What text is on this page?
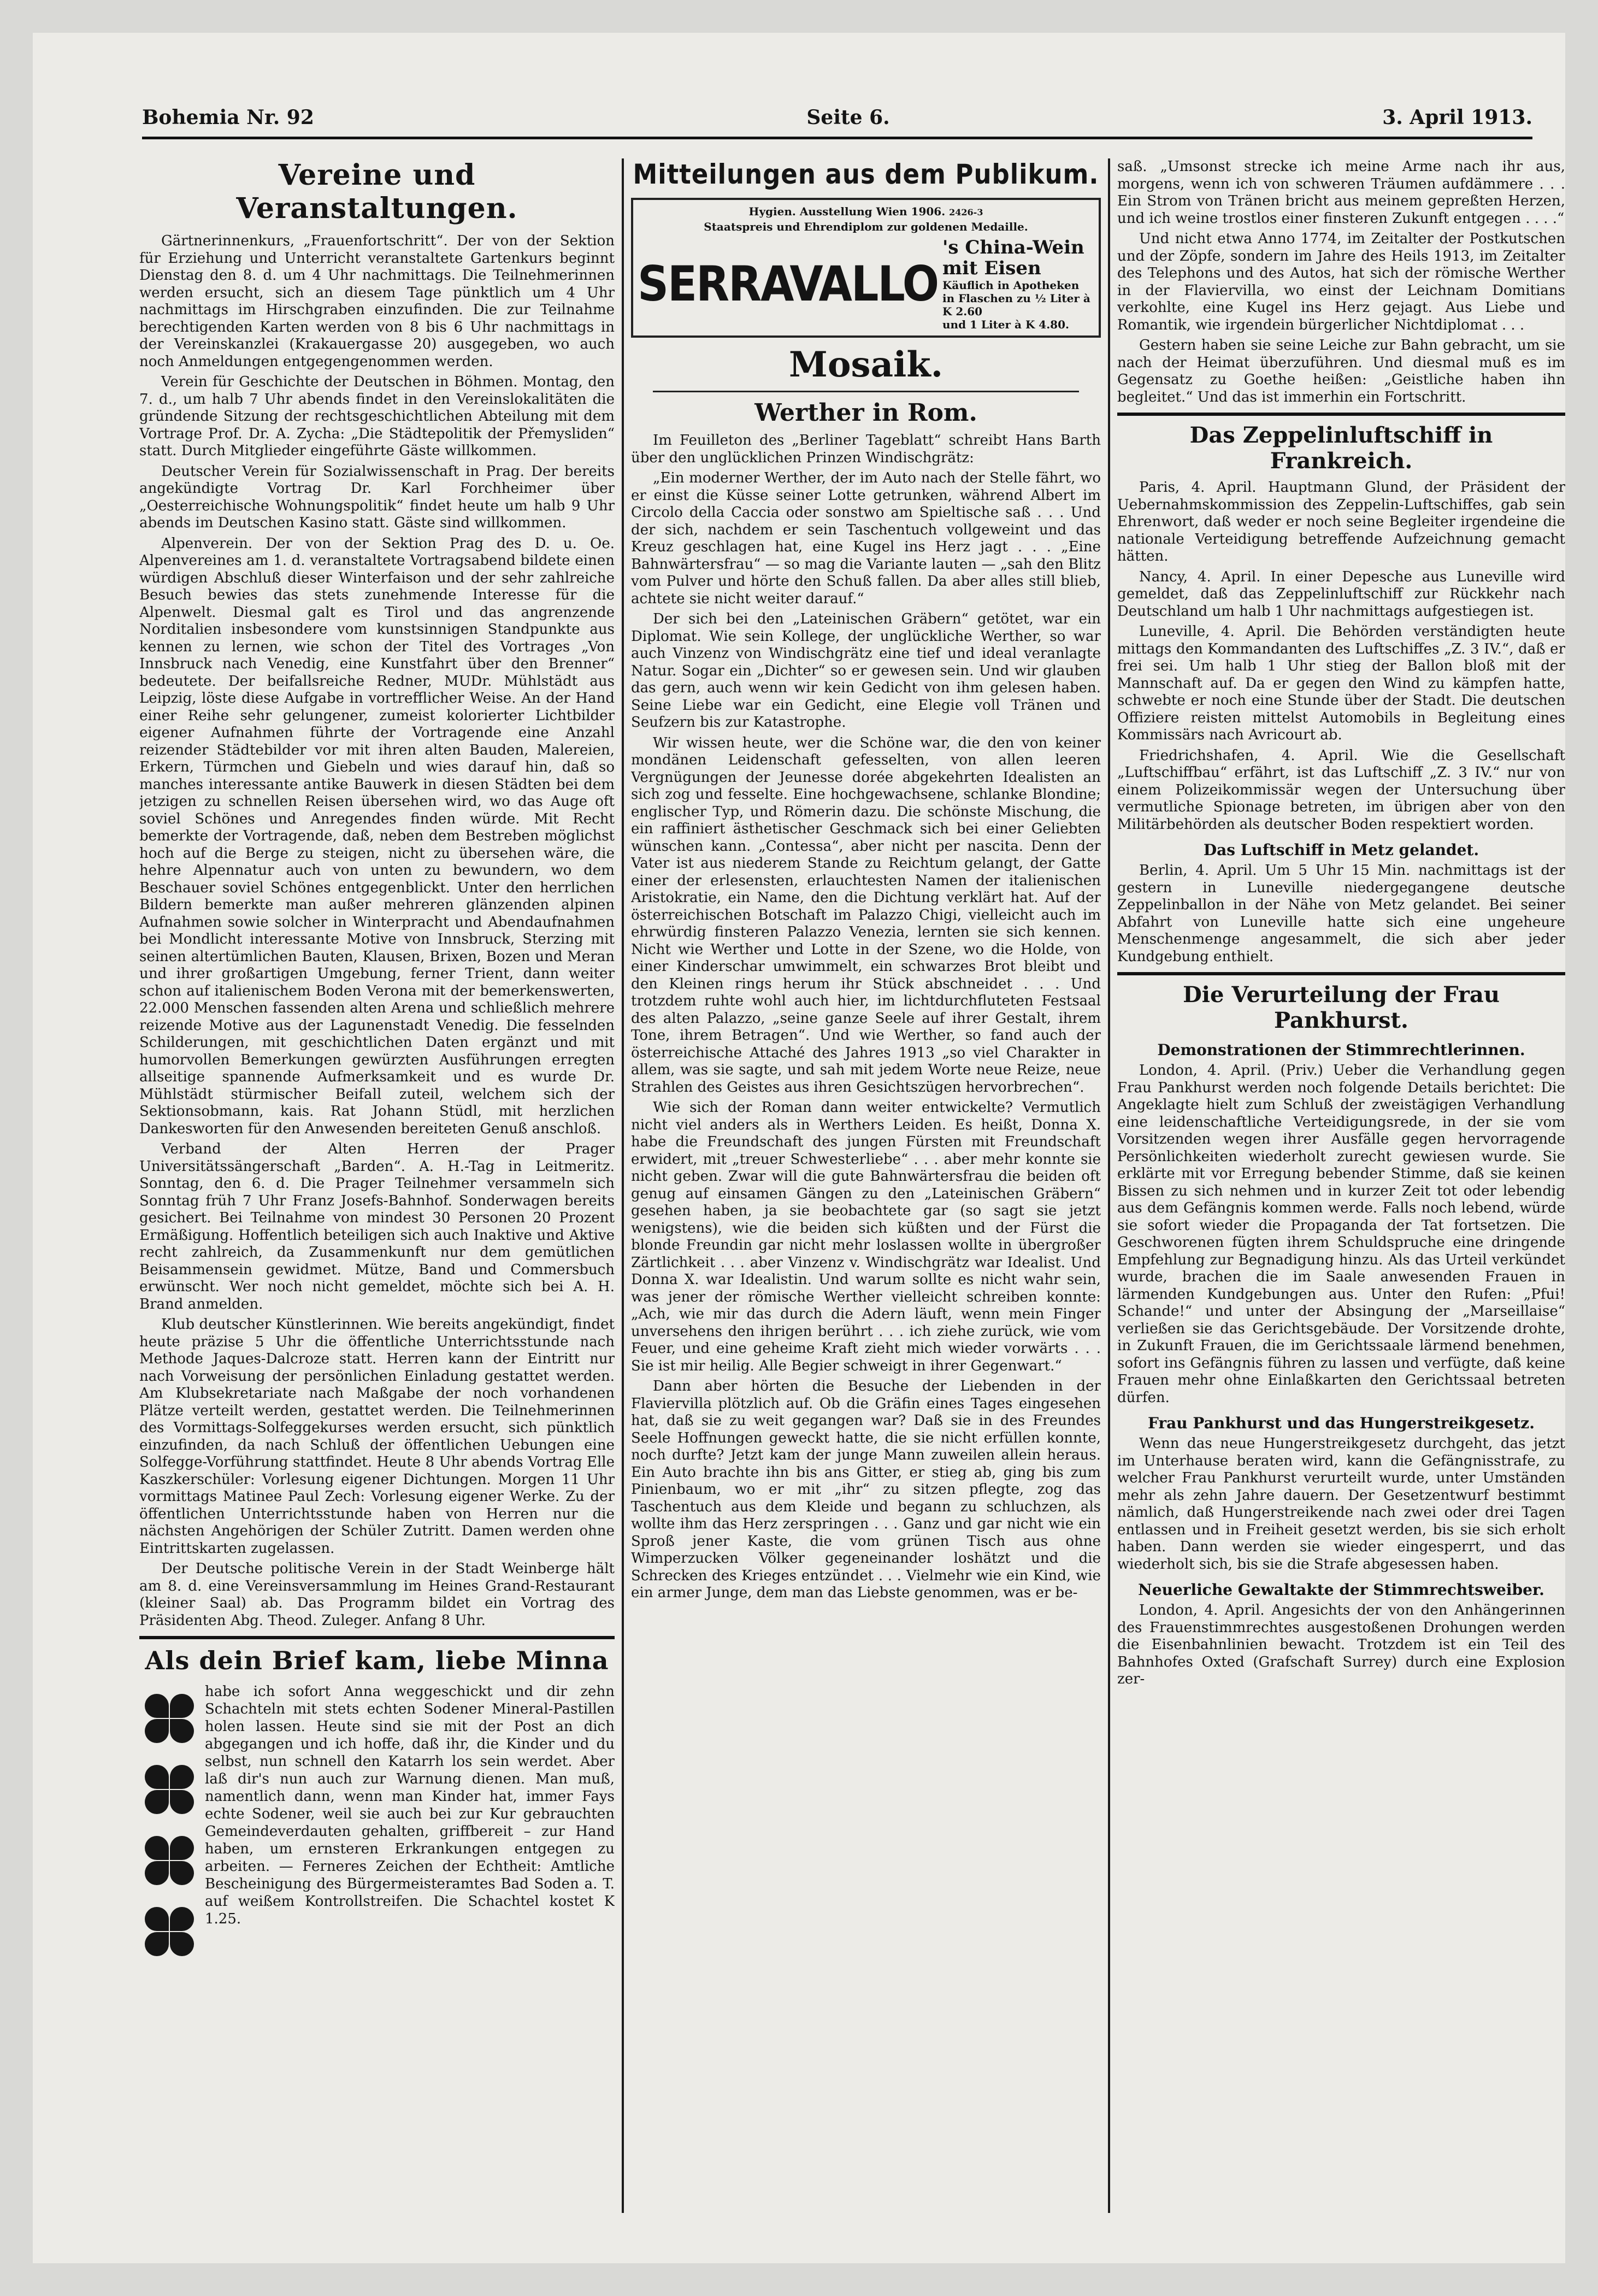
Bohemia Nr. 92	Seite 6.	3. April 1913.
Vereine und Veranstaltungen.

Gärtnerinnenkurs, „Frauenfortschritt“. Der von der Sektion für Erziehung und Unterricht veranstaltete Gartenkurs beginnt Dienstag den 8. d. um 4 Uhr nachmittags. Die Teilnehmerinnen werden ersucht, sich an diesem Tage pünktlich um 4 Uhr nachmittags im Hirschgraben einzufinden. Die zur Teilnahme berechtigenden Karten werden von 8 bis 6 Uhr nachmittags in der Vereinskanzlei (Krakauergasse 20) ausgegeben, wo auch noch Anmeldungen entgegengenommen werden.

Verein für Geschichte der Deutschen in Böhmen. Montag, den 7. d., um halb 7 Uhr abends findet in den Vereinslokalitäten die gründende Sitzung der rechtsgeschichtlichen Abteilung mit dem Vortrage Prof. Dr. A. Zycha: „Die Städtepolitik der Přemysliden“ statt. Durch Mitglieder eingeführte Gäste willkommen.

Deutscher Verein für Sozialwissenschaft in Prag. Der bereits angekündigte Vortrag Dr. Karl Forchheimer über „Oesterreichische Wohnungspolitik“ findet heute um halb 9 Uhr abends im Deutschen Kasino statt. Gäste sind willkommen.

Alpenverein. Der von der Sektion Prag des D. u. Oe. Alpenvereines am 1. d. veranstaltete Vortragsabend bildete einen würdigen Abschluß dieser Winterfaison und der sehr zahlreiche Besuch bewies das stets zunehmende Interesse für die Alpenwelt. Diesmal galt es Tirol und das angrenzende Norditalien insbesondere vom kunstsinnigen Standpunkte aus kennen zu lernen, wie schon der Titel des Vortrages „Von Innsbruck nach Venedig, eine Kunstfahrt über den Brenner“ bedeutete. Der beifallsreiche Redner, MUDr. Mühlstädt aus Leipzig, löste diese Aufgabe in vortrefflicher Weise. An der Hand einer Reihe sehr gelungener, zumeist kolorierter Lichtbilder eigener Aufnahmen führte der Vortragende eine Anzahl reizender Städtebilder vor mit ihren alten Bauden, Malereien, Erkern, Türmchen und Giebeln und wies darauf hin, daß so manches interessante antike Bauwerk in diesen Städten bei dem jetzigen zu schnellen Reisen übersehen wird, wo das Auge oft soviel Schönes und Anregendes finden würde. Mit Recht bemerkte der Vortragende, daß, neben dem Bestreben möglichst hoch auf die Berge zu steigen, nicht zu übersehen wäre, die hehre Alpennatur auch von unten zu bewundern, wo dem Beschauer soviel Schönes entgegenblickt. Unter den herrlichen Bildern bemerkte man außer mehreren glänzenden alpinen Aufnahmen sowie solcher in Winterpracht und Abendaufnahmen bei Mondlicht interessante Motive von Innsbruck, Sterzing mit seinen altertümlichen Bauten, Klausen, Brixen, Bozen und Meran und ihrer großartigen Umgebung, ferner Trient, dann weiter schon auf italienischem Boden Verona mit der bemerkenswerten, 22.000 Menschen fassenden alten Arena und schließlich mehrere reizende Motive aus der Lagunenstadt Venedig. Die fesselnden Schilderungen, mit geschichtlichen Daten ergänzt und mit humorvollen Bemerkungen gewürzten Ausführungen erregten allseitige spannende Aufmerksamkeit und es wurde Dr. Mühlstädt stürmischer Beifall zuteil, welchem sich der Sektionsobmann, kais. Rat Johann Stüdl, mit herzlichen Dankesworten für den Anwesenden bereiteten Genuß anschloß.

Verband der Alten Herren der Prager Universitätssängerschaft „Barden“. A. H.-Tag in Leitmeritz. Sonntag, den 6. d. Die Prager Teilnehmer versammeln sich Sonntag früh 7 Uhr Franz Josefs-Bahnhof. Sonderwagen bereits gesichert. Bei Teilnahme von mindest 30 Personen 20 Prozent Ermäßigung. Hoffentlich beteiligen sich auch Inaktive und Aktive recht zahlreich, da Zusammenkunft nur dem gemütlichen Beisammensein gewidmet. Mütze, Band und Commersbuch erwünscht. Wer noch nicht gemeldet, möchte sich bei A. H. Brand anmelden.

Klub deutscher Künstlerinnen. Wie bereits angekündigt, findet heute präzise 5 Uhr die öffentliche Unterrichtsstunde nach Methode Jaques-Dalcroze statt. Herren kann der Eintritt nur nach Vorweisung der persönlichen Einladung gestattet werden. Am Klubsekretariate nach Maßgabe der noch vorhandenen Plätze verteilt werden, gestattet werden. Die Teilnehmerinnen des Vormittags-Solfeggekurses werden ersucht, sich pünktlich einzufinden, da nach Schluß der öffentlichen Uebungen eine Solfegge-Vorführung stattfindet. Heute 8 Uhr abends Vortrag Elle Kaszkerschüler: Vorlesung eigener Dichtungen. Morgen 11 Uhr vormittags Matinee Paul Zech: Vorlesung eigener Werke. Zu der öffentlichen Unterrichtsstunde haben von Herren nur die nächsten Angehörigen der Schüler Zutritt. Damen werden ohne Eintrittskarten zugelassen.

Der Deutsche politische Verein in der Stadt Weinberge hält am 8. d. eine Vereinsversammlung im Heines Grand-Restaurant (kleiner Saal) ab. Das Programm bildet ein Vortrag des Präsidenten Abg. Theod. Zuleger. Anfang 8 Uhr.

Als dein Brief kam, liebe Minna

habe ich sofort Anna weggeschickt und dir zehn Schachteln mit stets echten Sodener Mineral-Pastillen holen lassen. Heute sind sie mit der Post an dich abgegangen und ich hoffe, daß ihr, die Kinder und du selbst, nun schnell den Katarrh los sein werdet. Aber laß dir's nun auch zur Warnung dienen. Man muß, namentlich dann, wenn man Kinder hat, immer Fays echte Sodener, weil sie auch bei zur Kur gebrauchten Gemeindeverdauten gehalten, griffbereit – zur Hand haben, um ernsteren Erkrankungen entgegen zu arbeiten. — Ferneres Zeichen der Echtheit: Amtliche Bescheinigung des Bürgermeisteramtes Bad Soden a. T. auf weißem Kontrollstreifen. Die Schachtel kostet K 1.25.

Mitteilungen aus dem Publikum.
Hygien. Ausstellung Wien 1906. 2426-3
Staatspreis und Ehrendiplom zur goldenen Medaille.
SERRAVALLO
's China-Wein mit Eisen
Käuflich in Apotheken
in Flaschen zu ½ Liter à K 2.60
und 1 Liter à K 4.80.
Mosaik.
Werther in Rom.

Im Feuilleton des „Berliner Tageblatt“ schreibt Hans Barth über den unglücklichen Prinzen Windischgrätz:

„Ein moderner Werther, der im Auto nach der Stelle fährt, wo er einst die Küsse seiner Lotte getrunken, während Albert im Circolo della Caccia oder sonstwo am Spieltische saß . . . Und der sich, nachdem er sein Taschentuch vollgeweint und das Kreuz geschlagen hat, eine Kugel ins Herz jagt . . . „Eine Bahnwärtersfrau“ — so mag die Variante lauten — „sah den Blitz vom Pulver und hörte den Schuß fallen. Da aber alles still blieb, achtete sie nicht weiter darauf.“

Der sich bei den „Lateinischen Gräbern“ getötet, war ein Diplomat. Wie sein Kollege, der unglückliche Werther, so war auch Vinzenz von Windischgrätz eine tief und ideal veranlagte Natur. Sogar ein „Dichter“ so er gewesen sein. Und wir glauben das gern, auch wenn wir kein Gedicht von ihm gelesen haben. Seine Liebe war ein Gedicht, eine Elegie voll Tränen und Seufzern bis zur Katastrophe.

Wir wissen heute, wer die Schöne war, die den von keiner mondänen Leidenschaft gefesselten, von allen leeren Vergnügungen der Jeunesse dorée abgekehrten Idealisten an sich zog und fesselte. Eine hochgewachsene, schlanke Blondine; englischer Typ, und Römerin dazu. Die schönste Mischung, die ein raffiniert ästhetischer Geschmack sich bei einer Geliebten wünschen kann. „Contessa“, aber nicht per nascita. Denn der Vater ist aus niederem Stande zu Reichtum gelangt, der Gatte einer der erlesensten, erlauchtesten Namen der italienischen Aristokratie, ein Name, den die Dichtung verklärt hat. Auf der österreichischen Botschaft im Palazzo Chigi, vielleicht auch im ehrwürdig finsteren Palazzo Venezia, lernten sie sich kennen. Nicht wie Werther und Lotte in der Szene, wo die Holde, von einer Kinderschar umwimmelt, ein schwarzes Brot bleibt und den Kleinen rings herum ihr Stück abschneidet . . . Und trotzdem ruhte wohl auch hier, im lichtdurchfluteten Festsaal des alten Palazzo, „seine ganze Seele auf ihrer Gestalt, ihrem Tone, ihrem Betragen“. Und wie Werther, so fand auch der österreichische Attaché des Jahres 1913 „so viel Charakter in allem, was sie sagte, und sah mit jedem Worte neue Reize, neue Strahlen des Geistes aus ihren Gesichtszügen hervorbrechen“.

Wie sich der Roman dann weiter entwickelte? Vermutlich nicht viel anders als in Werthers Leiden. Es heißt, Donna X. habe die Freundschaft des jungen Fürsten mit Freundschaft erwidert, mit „treuer Schwesterliebe“ . . . aber mehr konnte sie nicht geben. Zwar will die gute Bahnwärtersfrau die beiden oft genug auf einsamen Gängen zu den „Lateinischen Gräbern“ gesehen haben, ja sie beobachtete gar (so sagt sie jetzt wenigstens), wie die beiden sich küßten und der Fürst die blonde Freundin gar nicht mehr loslassen wollte in übergroßer Zärtlichkeit . . . aber Vinzenz v. Windischgrätz war Idealist. Und Donna X. war Idealistin. Und warum sollte es nicht wahr sein, was jener der römische Werther vielleicht schreiben konnte: „Ach, wie mir das durch die Adern läuft, wenn mein Finger unversehens den ihrigen berührt . . . ich ziehe zurück, wie vom Feuer, und eine geheime Kraft zieht mich wieder vorwärts . . . Sie ist mir heilig. Alle Begier schweigt in ihrer Gegenwart.“

Dann aber hörten die Besuche der Liebenden in der Flaviervilla plötzlich auf. Ob die Gräfin eines Tages eingesehen hat, daß sie zu weit gegangen war? Daß sie in des Freundes Seele Hoffnungen geweckt hatte, die sie nicht erfüllen konnte, noch durfte? Jetzt kam der junge Mann zuweilen allein heraus. Ein Auto brachte ihn bis ans Gitter, er stieg ab, ging bis zum Pinienbaum, wo er mit „ihr“ zu sitzen pflegte, zog das Taschentuch aus dem Kleide und begann zu schluchzen, als wollte ihm das Herz zerspringen . . . Ganz und gar nicht wie ein Sproß jener Kaste, die vom grünen Tisch aus ohne Wimperzucken Völker gegeneinander loshätzt und die Schrecken des Krieges entzündet . . . Vielmehr wie ein Kind, wie ein armer Junge, dem man das Liebste genommen, was er be-

saß. „Umsonst strecke ich meine Arme nach ihr aus, morgens, wenn ich von schweren Träumen aufdämmere . . . Ein Strom von Tränen bricht aus meinem gepreßten Herzen, und ich weine trostlos einer finsteren Zukunft entgegen . . . .“

Und nicht etwa Anno 1774, im Zeitalter der Postkutschen und der Zöpfe, sondern im Jahre des Heils 1913, im Zeitalter des Telephons und des Autos, hat sich der römische Werther in der Flaviervilla, wo einst der Leichnam Domitians verkohlte, eine Kugel ins Herz gejagt. Aus Liebe und Romantik, wie irgendein bürgerlicher Nichtdiplomat . . .

Gestern haben sie seine Leiche zur Bahn gebracht, um sie nach der Heimat überzuführen. Und diesmal muß es im Gegensatz zu Goethe heißen: „Geistliche haben ihn begleitet.“ Und das ist immerhin ein Fortschritt.

Das Zeppelinluftschiff in Frankreich.

Paris, 4. April. Hauptmann Glund, der Präsident der Uebernahmskommission des Zeppelin-Luftschiffes, gab sein Ehrenwort, daß weder er noch seine Begleiter irgendeine die nationale Verteidigung betreffende Aufzeichnung gemacht hätten.

Nancy, 4. April. In einer Depesche aus Luneville wird gemeldet, daß das Zeppelinluftschiff zur Rückkehr nach Deutschland um halb 1 Uhr nachmittags aufgestiegen ist.

Luneville, 4. April. Die Behörden verständigten heute mittags den Kommandanten des Luftschiffes „Z. 3 IV.“, daß er frei sei. Um halb 1 Uhr stieg der Ballon bloß mit der Mannschaft auf. Da er gegen den Wind zu kämpfen hatte, schwebte er noch eine Stunde über der Stadt. Die deutschen Offiziere reisten mittelst Automobils in Begleitung eines Kommissärs nach Avricourt ab.

Friedrichshafen, 4. April. Wie die Gesellschaft „Luftschiffbau“ erfährt, ist das Luftschiff „Z. 3 IV.“ nur von einem Polizeikommissär wegen der Untersuchung über vermutliche Spionage betreten, im übrigen aber von den Militärbehörden als deutscher Boden respektiert worden.

Das Luftschiff in Metz gelandet.

Berlin, 4. April. Um 5 Uhr 15 Min. nachmittags ist der gestern in Luneville niedergegangene deutsche Zeppelinballon in der Nähe von Metz gelandet. Bei seiner Abfahrt von Luneville hatte sich eine ungeheure Menschenmenge angesammelt, die sich aber jeder Kundgebung enthielt.

Die Verurteilung der Frau Pankhurst.
Demonstrationen der Stimmrechtlerinnen.

London, 4. April. (Priv.) Ueber die Verhandlung gegen Frau Pankhurst werden noch folgende Details berichtet: Die Angeklagte hielt zum Schluß der zweistägigen Verhandlung eine leidenschaftliche Verteidigungsrede, in der sie vom Vorsitzenden wegen ihrer Ausfälle gegen hervorragende Persönlichkeiten wiederholt zurecht gewiesen wurde. Sie erklärte mit vor Erregung bebender Stimme, daß sie keinen Bissen zu sich nehmen und in kurzer Zeit tot oder lebendig aus dem Gefängnis kommen werde. Falls noch lebend, würde sie sofort wieder die Propaganda der Tat fortsetzen. Die Geschworenen fügten ihrem Schuldspruche eine dringende Empfehlung zur Begnadigung hinzu. Als das Urteil verkündet wurde, brachen die im Saale anwesenden Frauen in lärmenden Kundgebungen aus. Unter den Rufen: „Pfui! Schande!“ und unter der Absingung der „Marseillaise“ verließen sie das Gerichtsgebäude. Der Vorsitzende drohte, in Zukunft Frauen, die im Gerichtssaale lärmend benehmen, sofort ins Gefängnis führen zu lassen und verfügte, daß keine Frauen mehr ohne Einlaßkarten den Gerichtssaal betreten dürfen.

Frau Pankhurst und das Hungerstreikgesetz.

Wenn das neue Hungerstreikgesetz durchgeht, das jetzt im Unterhause beraten wird, kann die Gefängnisstrafe, zu welcher Frau Pankhurst verurteilt wurde, unter Umständen mehr als zehn Jahre dauern. Der Gesetzentwurf bestimmt nämlich, daß Hungerstreikende nach zwei oder drei Tagen entlassen und in Freiheit gesetzt werden, bis sie sich erholt haben. Dann werden sie wieder eingesperrt, und das wiederholt sich, bis sie die Strafe abgesessen haben.

Neuerliche Gewaltakte der Stimmrechtsweiber.

London, 4. April. Angesichts der von den Anhängerinnen des Frauenstimmrechtes ausgestoßenen Drohungen werden die Eisenbahnlinien bewacht. Trotzdem ist ein Teil des Bahnhofes Oxted (Grafschaft Surrey) durch eine Explosion zer-
